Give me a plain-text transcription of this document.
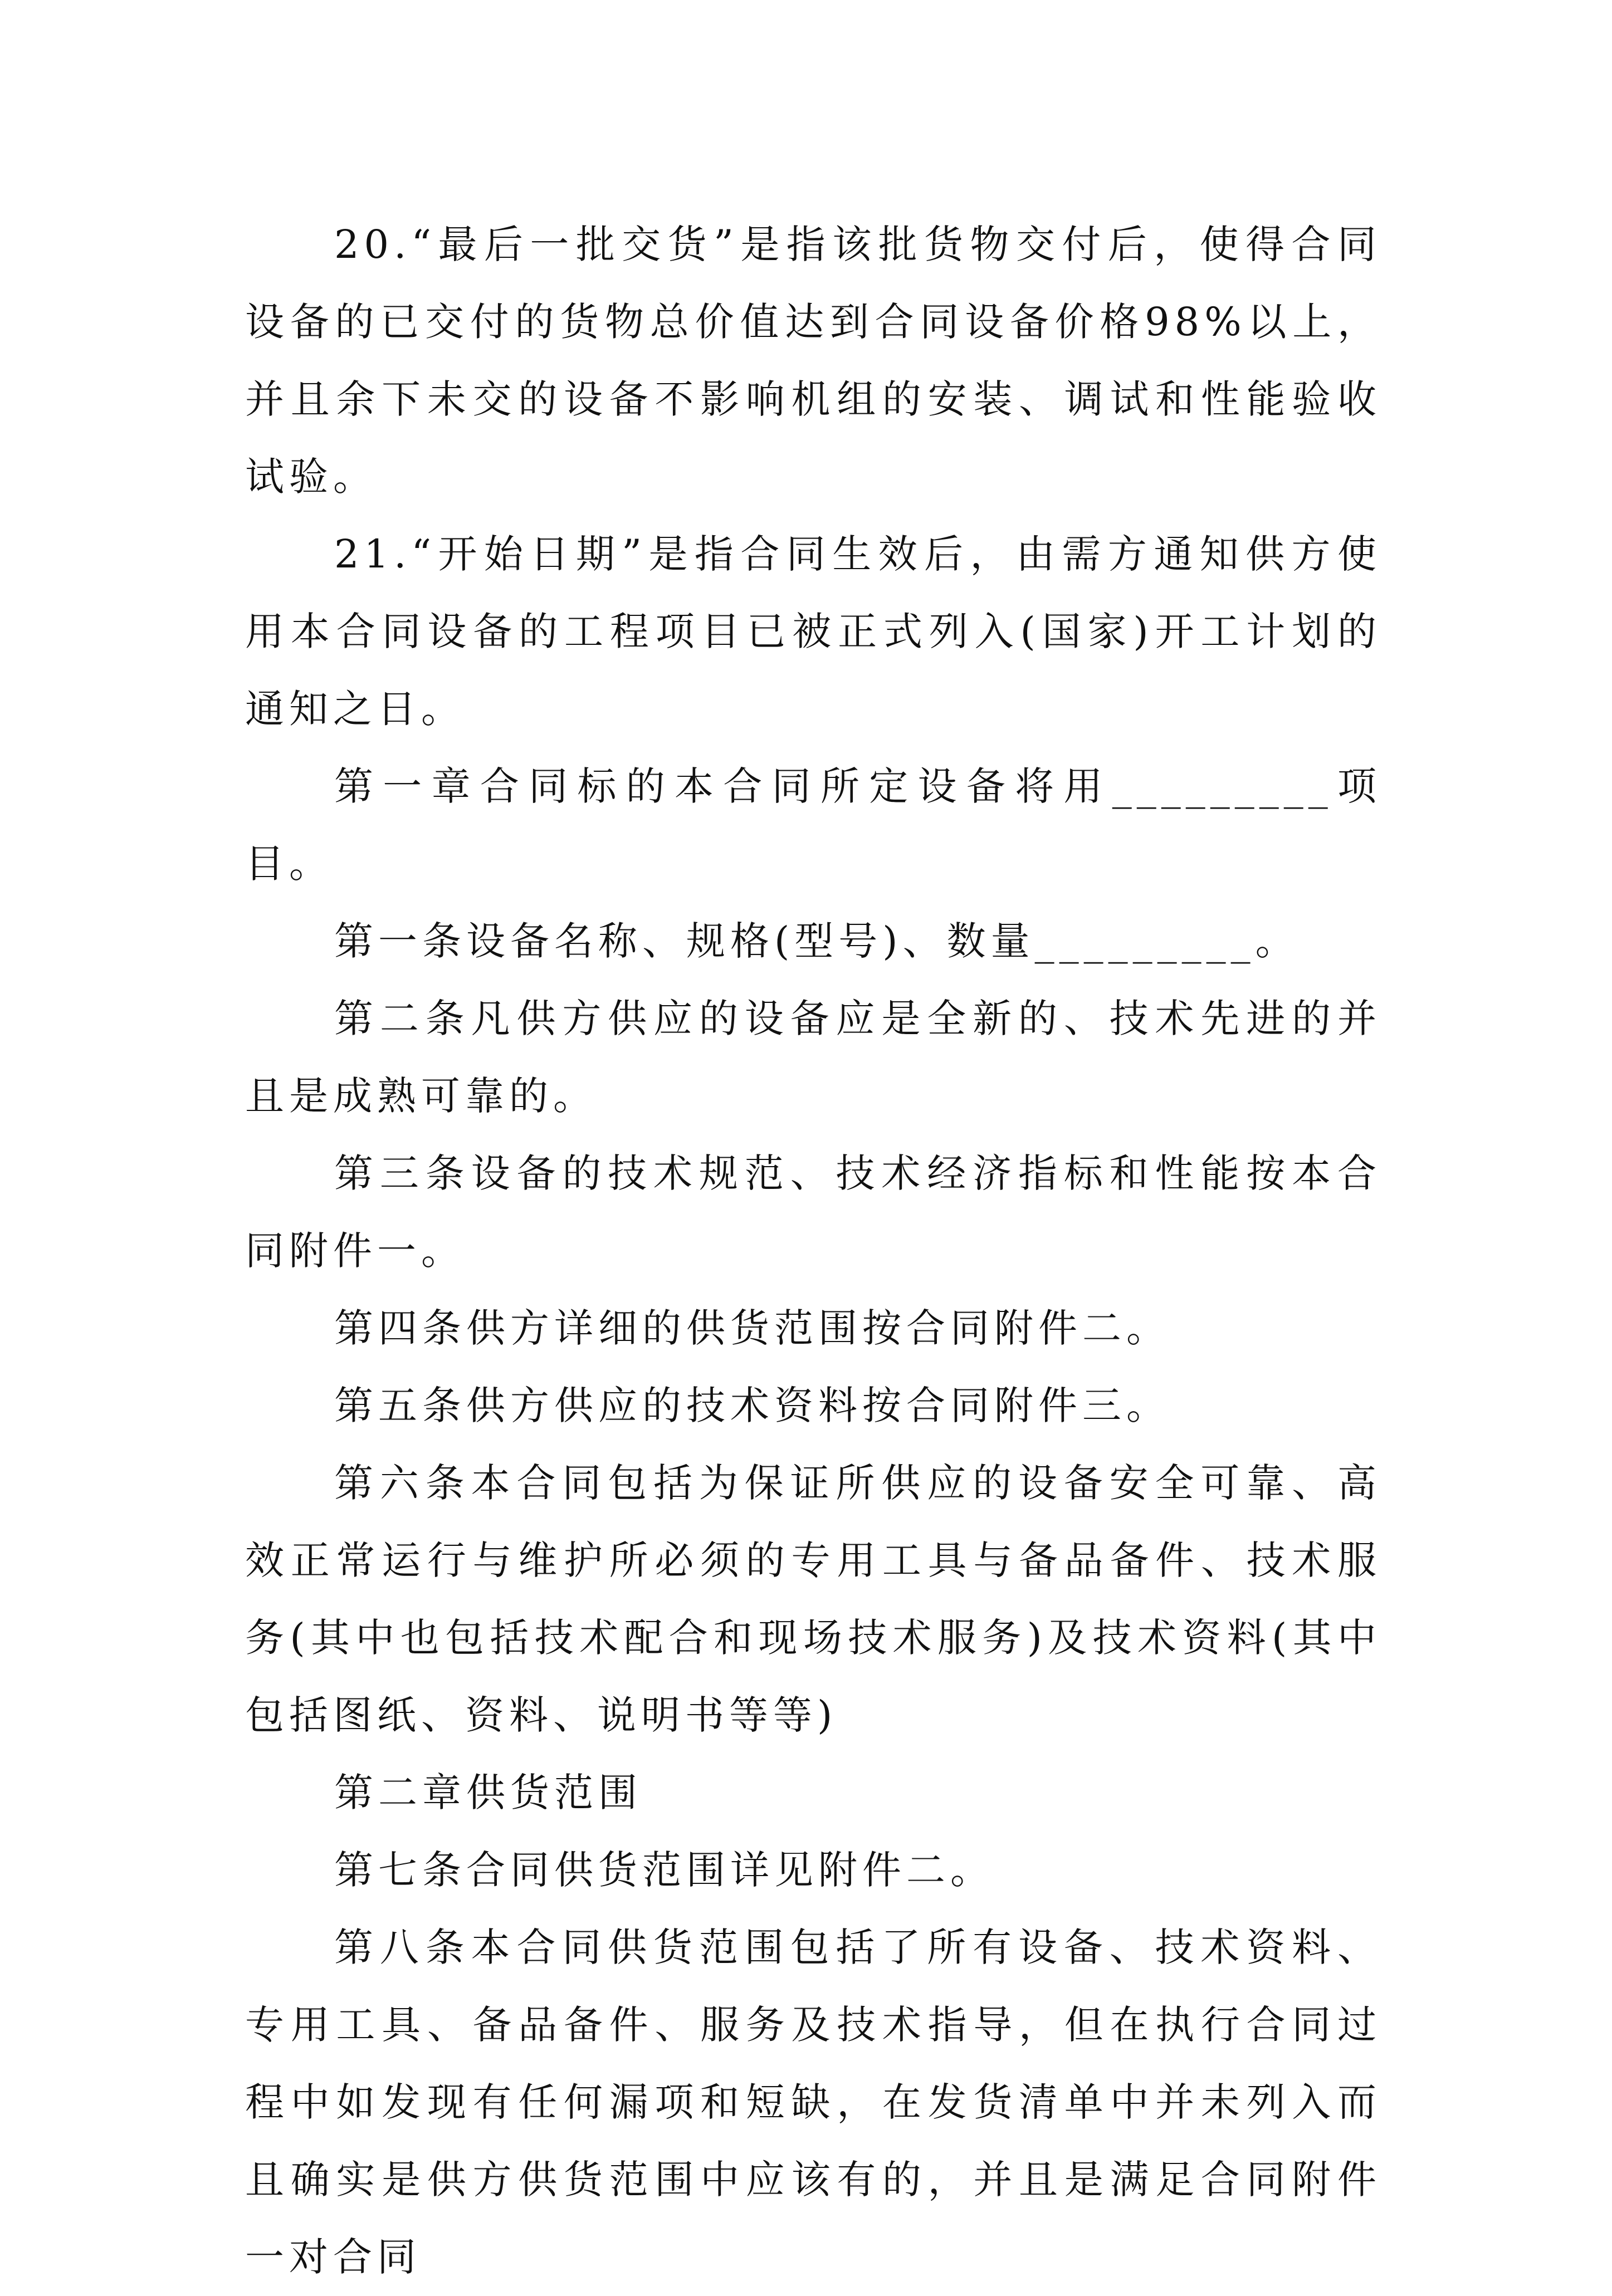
20.“最后一批交货”是指该批货物交付后，使得合同设备的已交付的货物总价值达到合同设备价格98%以上，并且余下未交的设备不影响机组的安装、调试和性能验收试验。

21.“开始日期”是指合同生效后，由需方通知供方使用本合同设备的工程项目已被正式列入(国家)开工计划的通知之日。

第一章合同标的本合同所定设备将用_________项目。

第一条设备名称、规格(型号)、数量_________。

第二条凡供方供应的设备应是全新的、技术先进的并且是成熟可靠的。

第三条设备的技术规范、技术经济指标和性能按本合同附件一。

第四条供方详细的供货范围按合同附件二。

第五条供方供应的技术资料按合同附件三。

第六条本合同包括为保证所供应的设备安全可靠、高效正常运行与维护所必须的专用工具与备品备件、技术服务(其中也包括技术配合和现场技术服务)及技术资料(其中包括图纸、资料、说明书等等)

第二章供货范围

第七条合同供货范围详见附件二。

第八条本合同供货范围包括了所有设备、技术资料、专用工具、备品备件、服务及技术指导，但在执行合同过程中如发现有任何漏项和短缺，在发货清单中并未列入而且确实是供方供货范围中应该有的，并且是满足合同附件一对合同
